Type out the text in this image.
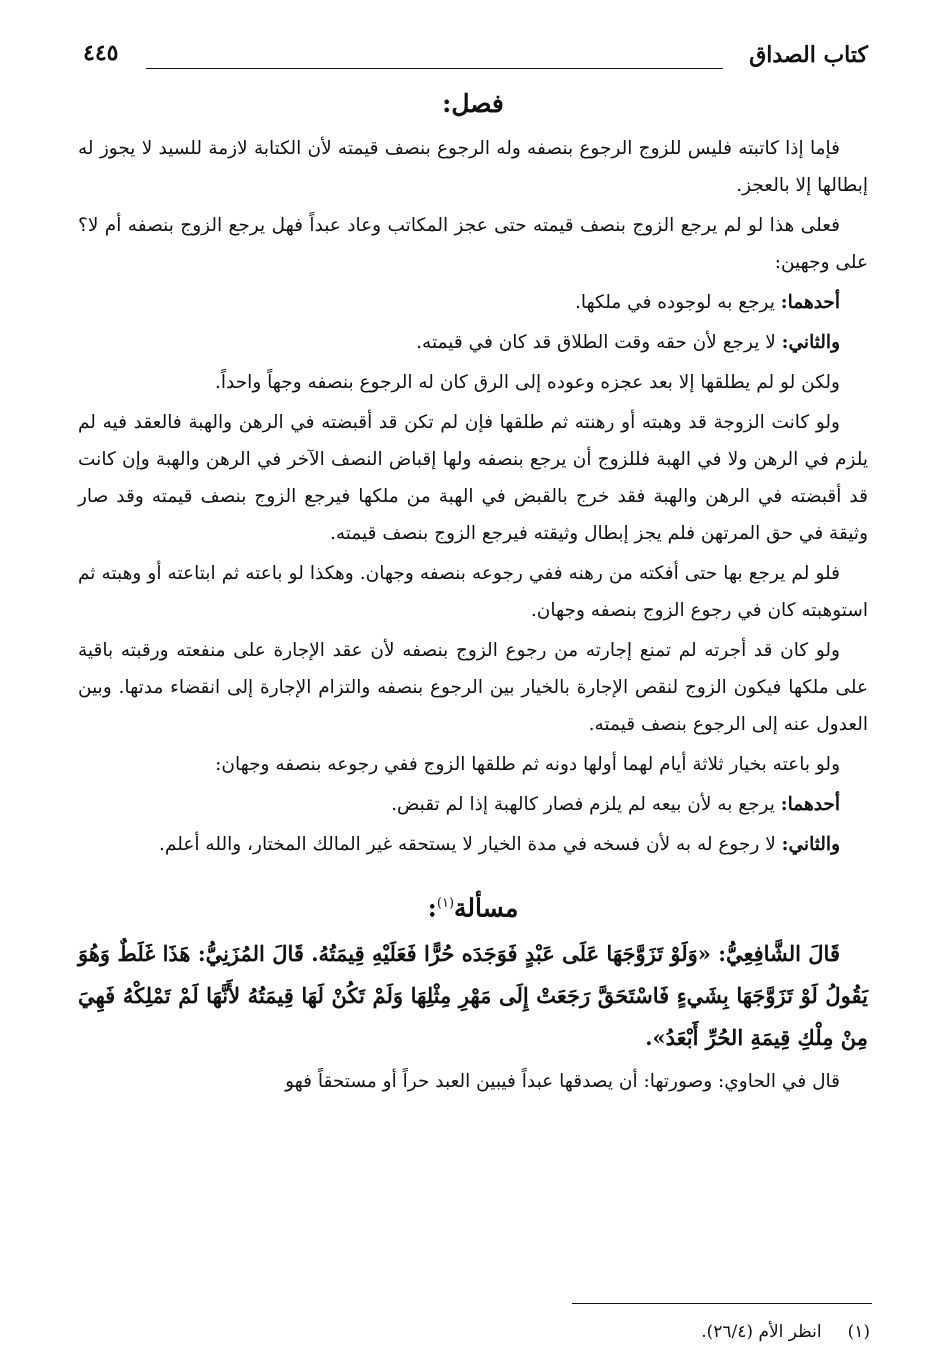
كتاب الصداق
٤٤٥
فصل:

فإما إذا كاتبته فليس للزوج الرجوع بنصفه وله الرجوع بنصف قيمته لأن الكتابة لازمة للسيد لا يجوز له إبطالها إلا بالعجز.

فعلى هذا لو لم يرجع الزوج بنصف قيمته حتى عجز المكاتب وعاد عبداً فهل يرجع الزوج بنصفه أم لا؟ على وجهين:

أحدهما: يرجع به لوجوده في ملكها.

والثاني: لا يرجع لأن حقه وقت الطلاق قد كان في قيمته.

ولكن لو لم يطلقها إلا بعد عجزه وعوده إلى الرق كان له الرجوع بنصفه وجهاً واحداً.

ولو كانت الزوجة قد وهبته أو رهنته ثم طلقها فإن لم تكن قد أقبضته في الرهن والهبة فالعقد فيه لم يلزم في الرهن ولا في الهبة فللزوج أن يرجع بنصفه ولها إقباض النصف الآخر في الرهن والهبة وإن كانت قد أقبضته في الرهن والهبة فقد خرج بالقبض في الهبة من ملكها فيرجع الزوج بنصف قيمته وقد صار وثيقة في حق المرتهن فلم يجز إبطال وثيقته فيرجع الزوج بنصف قيمته.

فلو لم يرجع بها حتى أفكته من رهنه ففي رجوعه بنصفه وجهان. وهكذا لو باعته ثم ابتاعته أو وهبته ثم استوهبته كان في رجوع الزوج بنصفه وجهان.

ولو كان قد أجرته لم تمنع إجارته من رجوع الزوج بنصفه لأن عقد الإجارة على منفعته ورقبته باقية على ملكها فيكون الزوج لنقص الإجارة بالخيار بين الرجوع بنصفه والتزام الإجارة إلى انقضاء مدتها. وبين العدول عنه إلى الرجوع بنصف قيمته.

ولو باعته بخيار ثلاثة أيام لهما أولها دونه ثم طلقها الزوج ففي رجوعه بنصفه وجهان:

أحدهما: يرجع به لأن بيعه لم يلزم فصار كالهبة إذا لم تقبض.

والثاني: لا رجوع له به لأن فسخه في مدة الخيار لا يستحقه غير المالك المختار، والله أعلم.

مسألة$^{(١)}$:

قَالَ الشَّافِعِيُّ: «وَلَوْ تَزَوَّجَهَا عَلَى عَبْدٍ فَوَجَدَه حُرًّا فَعَلَيْهِ قِيمَتُهُ. قَالَ المُزَنِيُّ: هَذَا غَلَطٌ وَهُوَ يَقُولُ لَوْ تَزَوَّجَهَا بِشَيءٍ فَاسْتَحَقَّ رَجَعَتْ إِلَى مَهْرِ مِثْلِهَا وَلَمْ تَكُنْ لَهَا قِيمَتُهُ لأَنَّهَا لَمْ تَمْلِكْهُ فَهِيَ مِنْ مِلْكِ قِيمَةِ الحُرِّ أَبْعَدُ».

قال في الحاوي: وصورتها: أن يصدقها عبداً فيبين العبد حراً أو مستحقاً فهو

(١)انظر الأم (٢٦/٤).
